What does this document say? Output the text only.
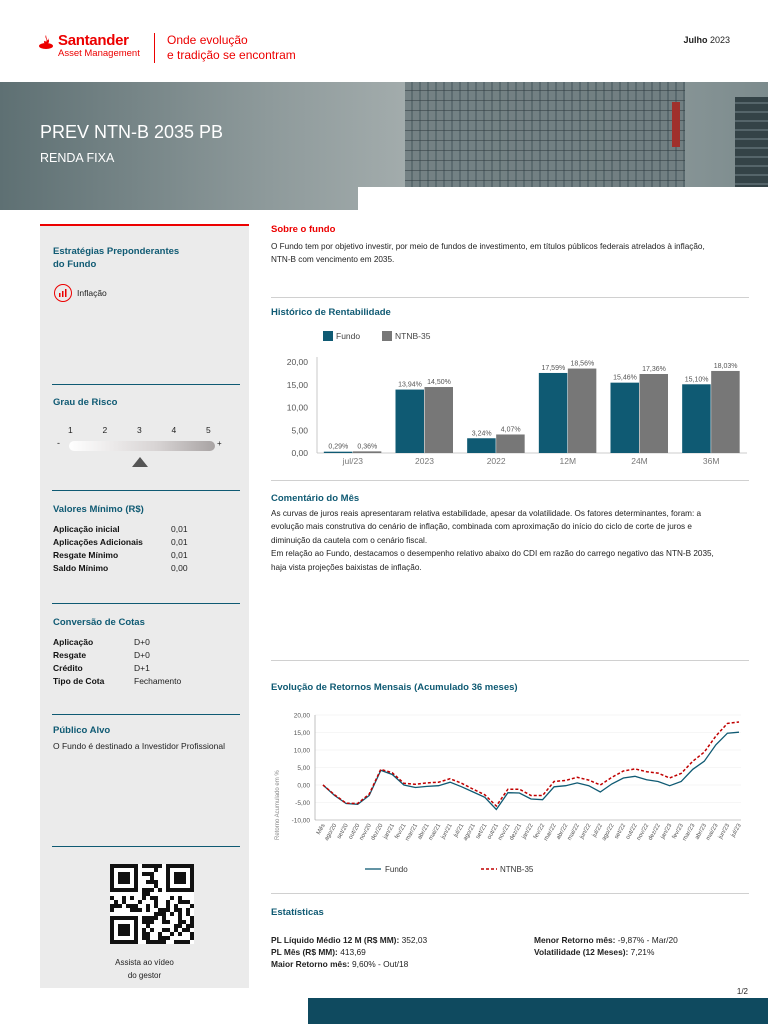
Santander
Asset Management
Onde evolução
e tradição se encontram
Julho 2023
PREV NTN-B 2035 PB
RENDA FIXA
Estratégias Preponderantes
do Fundo
Inflação
Grau de Risco
1	2	3	4	5
-	+
Valores Mínimo (R$)
Aplicação inicial	0,01
Aplicações Adicionais	0,01
Resgate Mínimo	0,01
Saldo Mínimo	0,00
Conversão de Cotas
Aplicação	D+0
Resgate	D+0
Crédito	D+1
Tipo de Cota	Fechamento
Público Alvo
O Fundo é destinado a Investidor Profissional
Assista ao vídeo
do gestor
Sobre o fundo
O Fundo tem por objetivo investir, por meio de fundos de investimento, em títulos públicos federais atrelados à inflação,
NTN-B com vencimento em 2035.
Histórico de Rentabilidade
Fundo	NTNB-35
0,00
5,00
10,00
15,00
20,00
jul/23	2023	2022	12M	24M	36M
0,29% 0,36%
13,94% 14,50%
3,24%
4,07%
17,59%
18,56%
15,46%
17,36%
15,10%
18,03%
Comentário do Mês
As curvas de juros reais apresentaram relativa estabilidade, apesar da volatilidade. Os fatores determinantes, foram: a
evolução mais construtiva do cenário de inflação, combinada com aproximação do início do ciclo de corte de juros e
diminuição da cautela com o cenário fiscal.
Em relação ao Fundo, destacamos o desempenho relativo abaixo do CDI em razão do carrego negativo das NTN-B 2035,
haja vista projeções baixistas de inflação.
Evolução de Retornos Mensais (Acumulado 36 meses)
Retorno Acumulado em % -10,00
-5,00
0,00
5,00
10,00
15,00
20,00
Mês
ago/20
set/20
out/20
nov/20
dez/20
jan/21
fev/21
mar/21
abr/21
mai/21
jun/21 jul/21
ago/21
set/21
out/21
nov/21
dez/21
jan/22
fev/22
mar/22
abr/22
mai/22
jun/22 jul/22
ago/22
set/22
out/22
nov/22
dez/22
jan/23
fev/23
mar/23
abr/23
mai/23
jun/23 jul/23
Fundo	NTNB-35
Estatísticas
PL Líquido Médio 12 M (R$ MM): 352,03
PL Mês (R$ MM): 413,69
Maior Retorno mês: 9,60% - Out/18
Menor Retorno mês: -9,87% - Mar/20
Volatilidade (12 Meses): 7,21%
1/2
